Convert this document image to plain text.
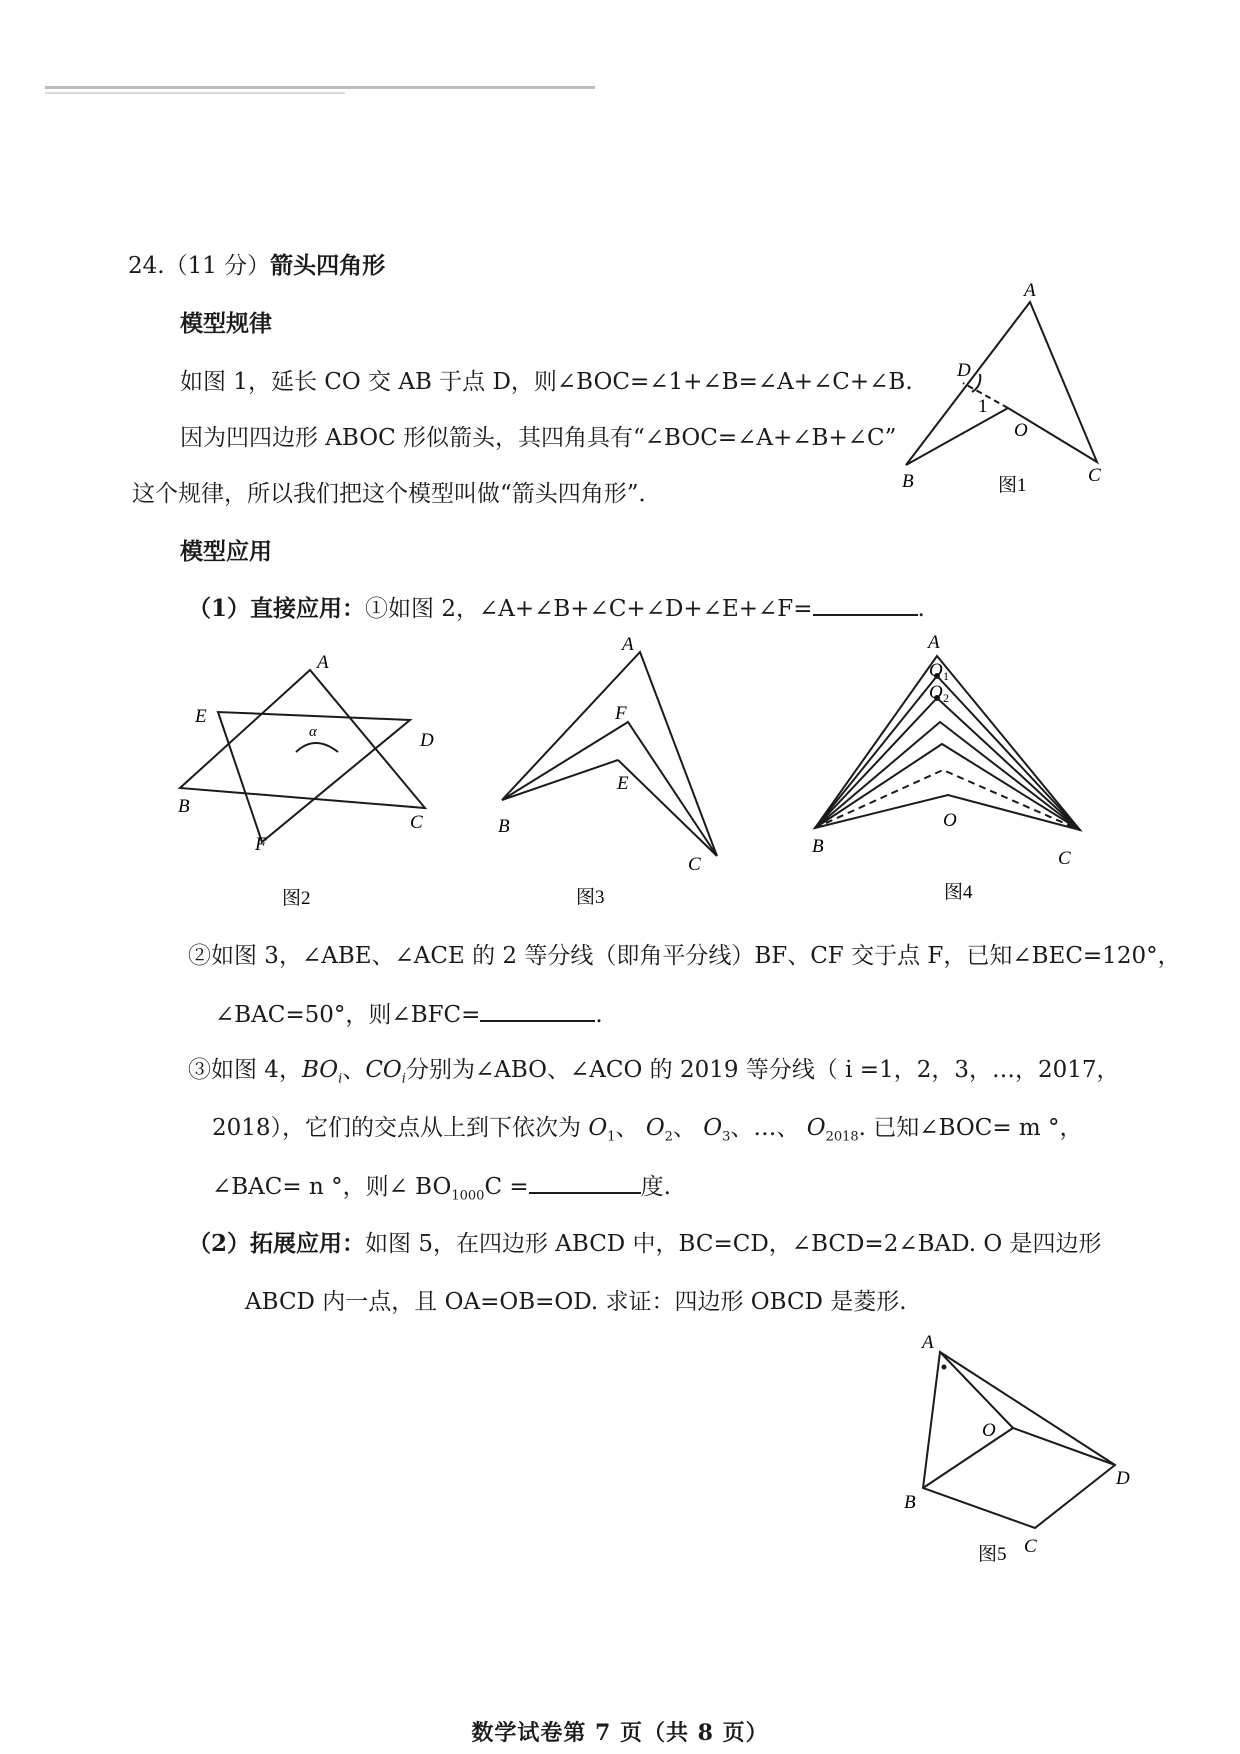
24.（11 分）箭头四角形
模型规律
如图 1，延长 CO 交 AB 于点 D，则∠BOC=∠1+∠B=∠A+∠C+∠B.
因为凹四边形 ABOC 形似箭头，其四角具有“∠BOC=∠A+∠B+∠C”
这个规律，所以我们把这个模型叫做“箭头四角形”．
模型应用
（1）直接应用：①如图 2，∠A+∠B+∠C+∠D+∠E+∠F=	.
②如图 3，∠ABE、∠ACE 的 2 等分线（即角平分线）BF、CF 交于点 F，已知∠BEC=120°，
∠BAC=50°，则∠BFC=	.
③如图 4，$BO_i$、$CO_i$分别为∠ABO、∠ACO 的 2019 等分线（ i =1，2，3，…，2017，
2018），它们的交点从上到下依次为 $O_1$、 $O_2$、 $O_3$、…、 $O_{2018}$. 已知∠BOC= m °，
∠BAC= n °，则∠ $BO_{1000}C$ =	度.
（2）拓展应用：如图 5，在四边形 ABCD 中，BC=CD，∠BCD=2∠BAD. O 是四边形
ABCD 内一点，且 OA=OB=OD. 求证：四边形 OBCD 是菱形.
A
D
1
O
B	C
图1
A
E
α	D
B
C
F
图2
A
F
E
B
C
图3
A
O 1
O 2
O
B
C
图4
A
O
B
D
C
图5
数学试卷第 7 页（共 8 页）
